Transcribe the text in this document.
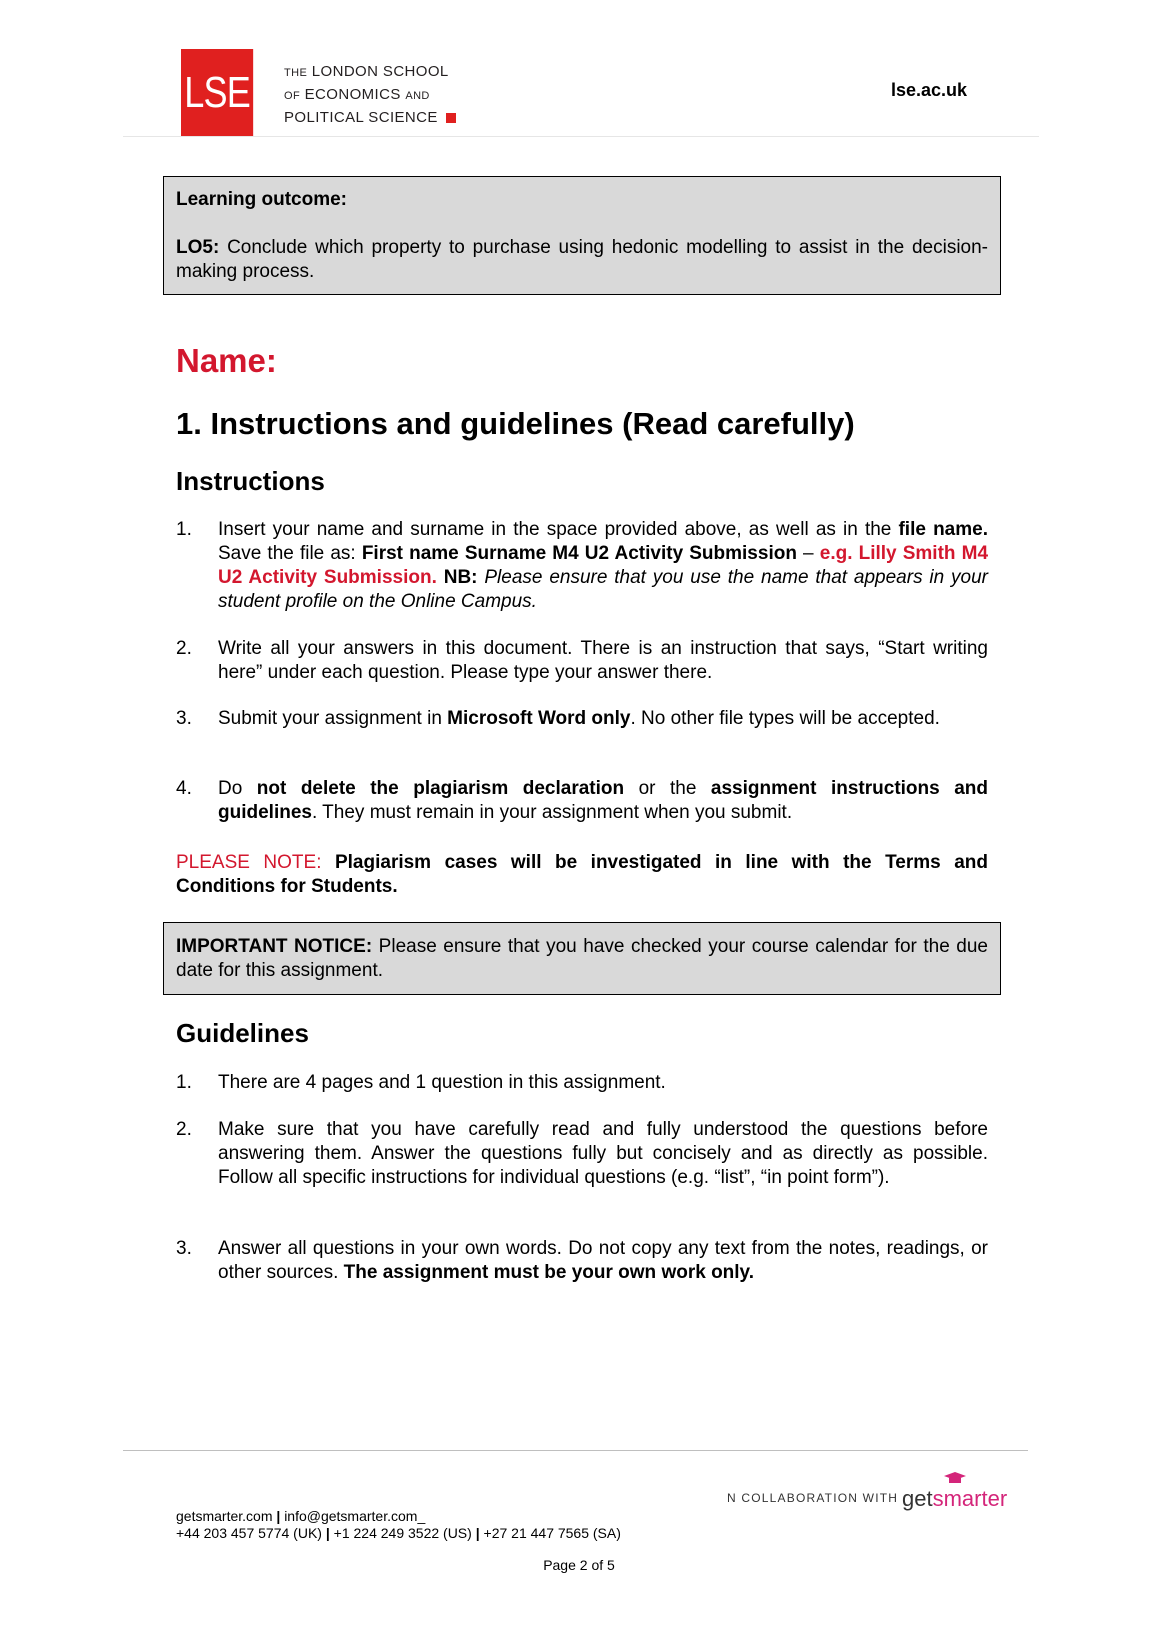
LSE	THE LONDON SCHOOL
OF ECONOMICS AND
POLITICAL SCIENCE
lse.ac.uk
Learning outcome:
LO5: Conclude which property to purchase using hedonic modelling to assist in the decision-making process.
Name:
1. Instructions and guidelines (Read carefully)
Instructions
1. Insert your name and surname in the space provided above, as well as in the file name. Save the file as: First name Surname M4 U2 Activity Submission – e.g. Lilly Smith M4 U2 Activity Submission. NB: Please ensure that you use the name that appears in your student profile on the Online Campus.
2. Write all your answers in this document. There is an instruction that says, “Start writing here” under each question. Please type your answer there.
3. Submit your assignment in Microsoft Word only. No other file types will be accepted.
4. Do not delete the plagiarism declaration or the assignment instructions and guidelines. They must remain in your assignment when you submit.
PLEASE NOTE: Plagiarism cases will be investigated in line with the Terms and Conditions for Students.
IMPORTANT NOTICE: Please ensure that you have checked your course calendar for the due date for this assignment.
Guidelines
1. There are 4 pages and 1 question in this assignment.
2. Make sure that you have carefully read and fully understood the questions before answering them. Answer the questions fully but concisely and as directly as possible. Follow all specific instructions for individual questions (e.g. “list”, “in point form”).
3. Answer all questions in your own words. Do not copy any text from the notes, readings, or other sources. The assignment must be your own work only.
getsmarter.com | info@getsmarter.com_
+44 203 457 5774 (UK) | +1 224 249 3522 (US) | +27 21 447 7565 (SA)
N COLLABORATION WITH getsmarter
Page 2 of 5
